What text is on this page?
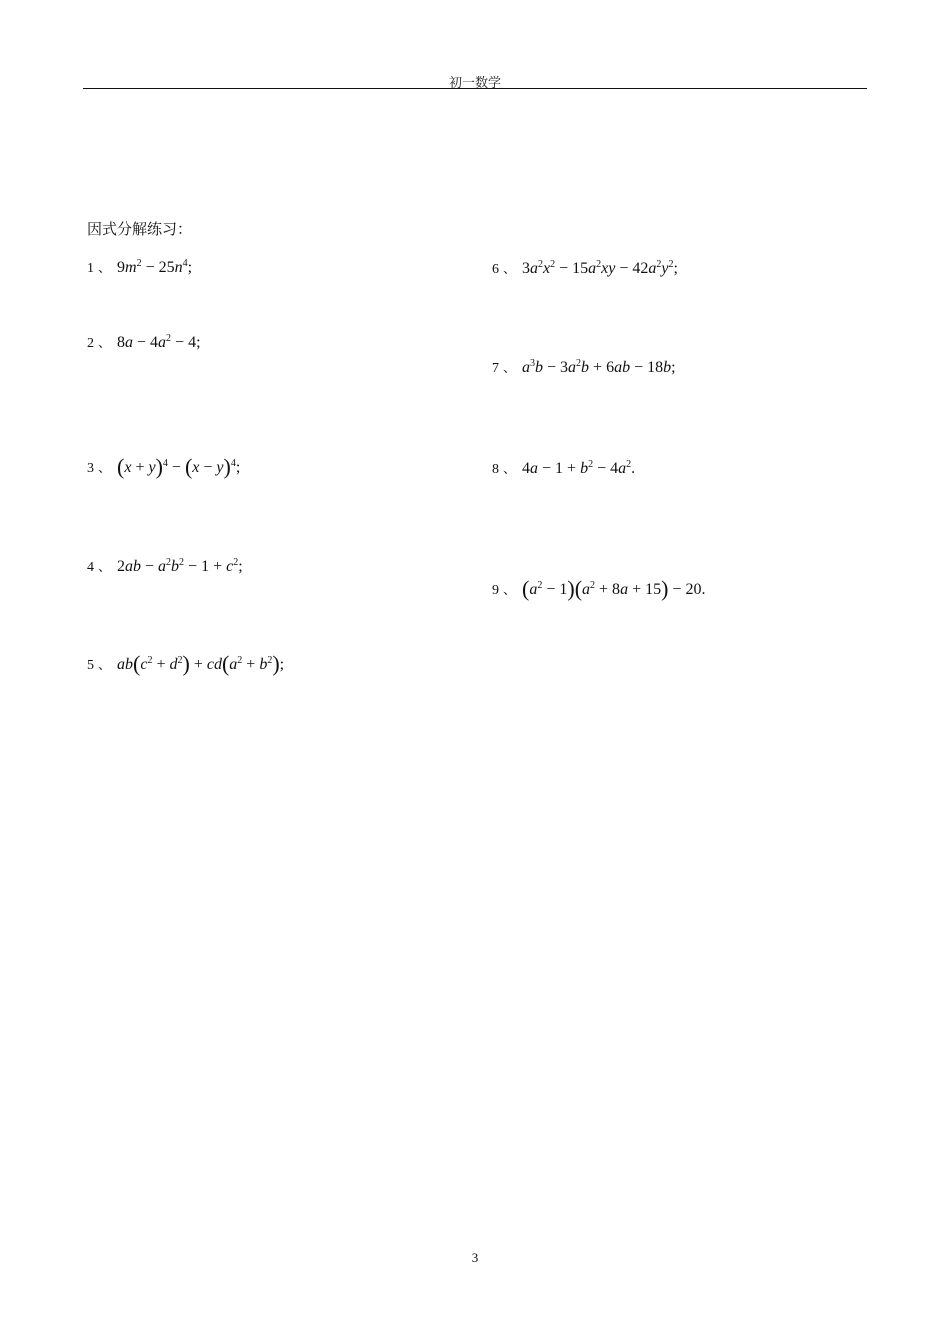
初一数学
因式分解练习：
1 、 $9m^2 - 25n^4$;
2 、 $8a - 4a^2 - 4$;
3 、 $(x + y)^4 - (x - y)^4$;
4 、 $2ab - a^2b^2 - 1 + c^2$;
5 、 $ab(c^2 + d^2) + cd(a^2 + b^2)$;
6 、 $3a^2x^2 - 15a^2xy - 42a^2y^2$;
7 、 $a^3b - 3a^2b + 6ab - 18b$;
8 、 $4a - 1 + b^2 - 4a^2$.
9 、 $(a^2 - 1)(a^2 + 8a + 15) - 20$.
3
